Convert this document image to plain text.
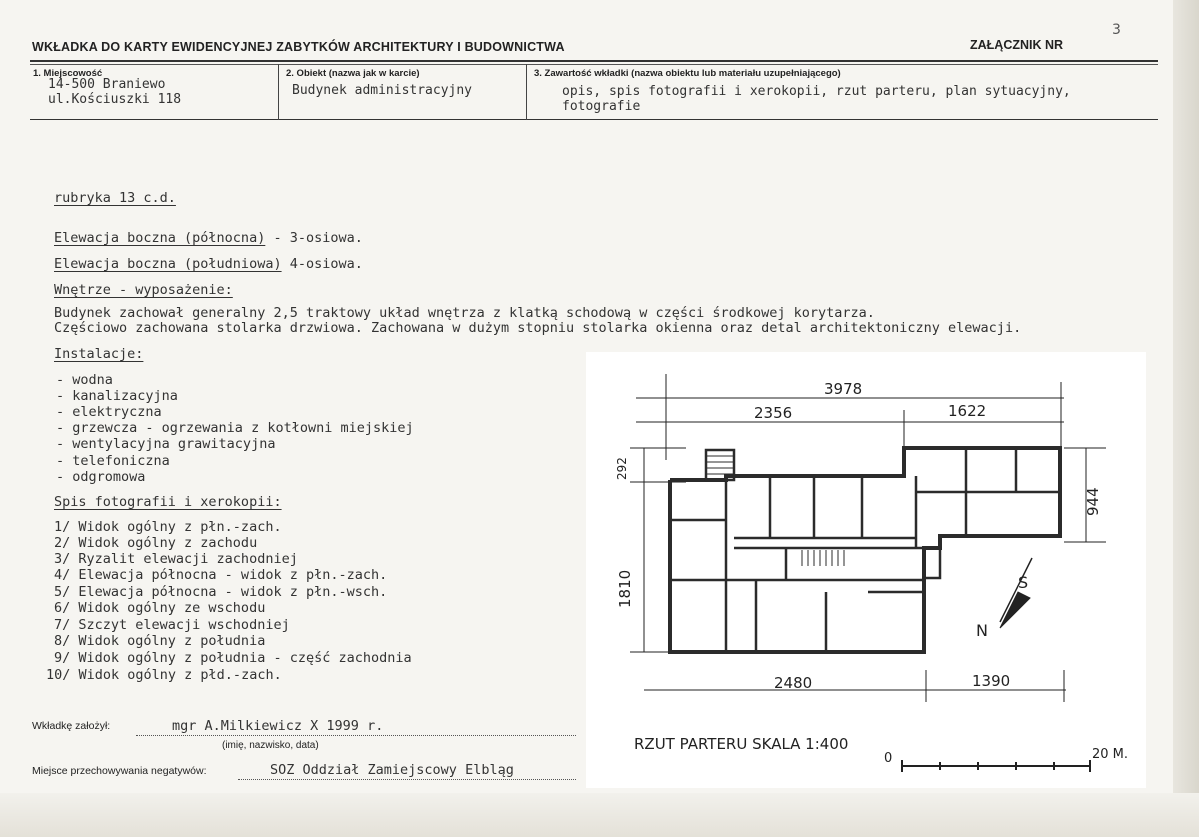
3
WKŁADKA DO KARTY EWIDENCYJNEJ ZABYTKÓW ARCHITEKTURY I BUDOWNICTWA	ZAŁĄCZNIK NR
1. Miejscowość
14-500 Braniewo
ul.Kościuszki 118
2. Obiekt (nazwa jak w karcie)
Budynek administracyjny
3. Zawartość wkładki (nazwa obiektu lub materiału uzupełniającego)
opis, spis fotografii i xerokopii, rzut parteru, plan sytuacyjny,
fotografie
rubryka 13 c.d.
Elewacja boczna (północna) - 3-osiowa.
Elewacja boczna (południowa) 4-osiowa.
Wnętrze - wyposażenie:
Budynek zachował generalny 2,5 traktowy układ wnętrza z klatką schodową w części środkowej korytarza.
Częściowo zachowana stolarka drzwiowa. Zachowana w dużym stopniu stolarka okienna oraz detal architektoniczny elewacji.
Instalacje:
- wodna
- kanalizacyjna
- elektryczna
- grzewcza - ogrzewania z kotłowni miejskiej
- wentylacyjna grawitacyjna
- telefoniczna
- odgromowa
Spis fotografii i xerokopii:
1/ Widok ogólny z płn.-zach.
2/ Widok ogólny z zachodu
3/ Ryzalit elewacji zachodniej
4/ Elewacja północna - widok z płn.-zach.
5/ Elewacja północna - widok z płn.-wsch.
6/ Widok ogólny ze wschodu
7/ Szczyt elewacji wschodniej
8/ Widok ogólny z południa
9/ Widok ogólny z południa - część zachodnia
10/ Widok ogólny z płd.-zach.
Wkładkę założył:	mgr A.Milkiewicz X 1999 r.
(imię, nazwisko, data)
Miejsce przechowywania negatywów:	SOZ Oddział Zamiejscowy Elbląg
N
S
3978
2356	1622
1810
292
944
2480	1390
RZUT PARTERU SKALA 1:400
0	20 M.
